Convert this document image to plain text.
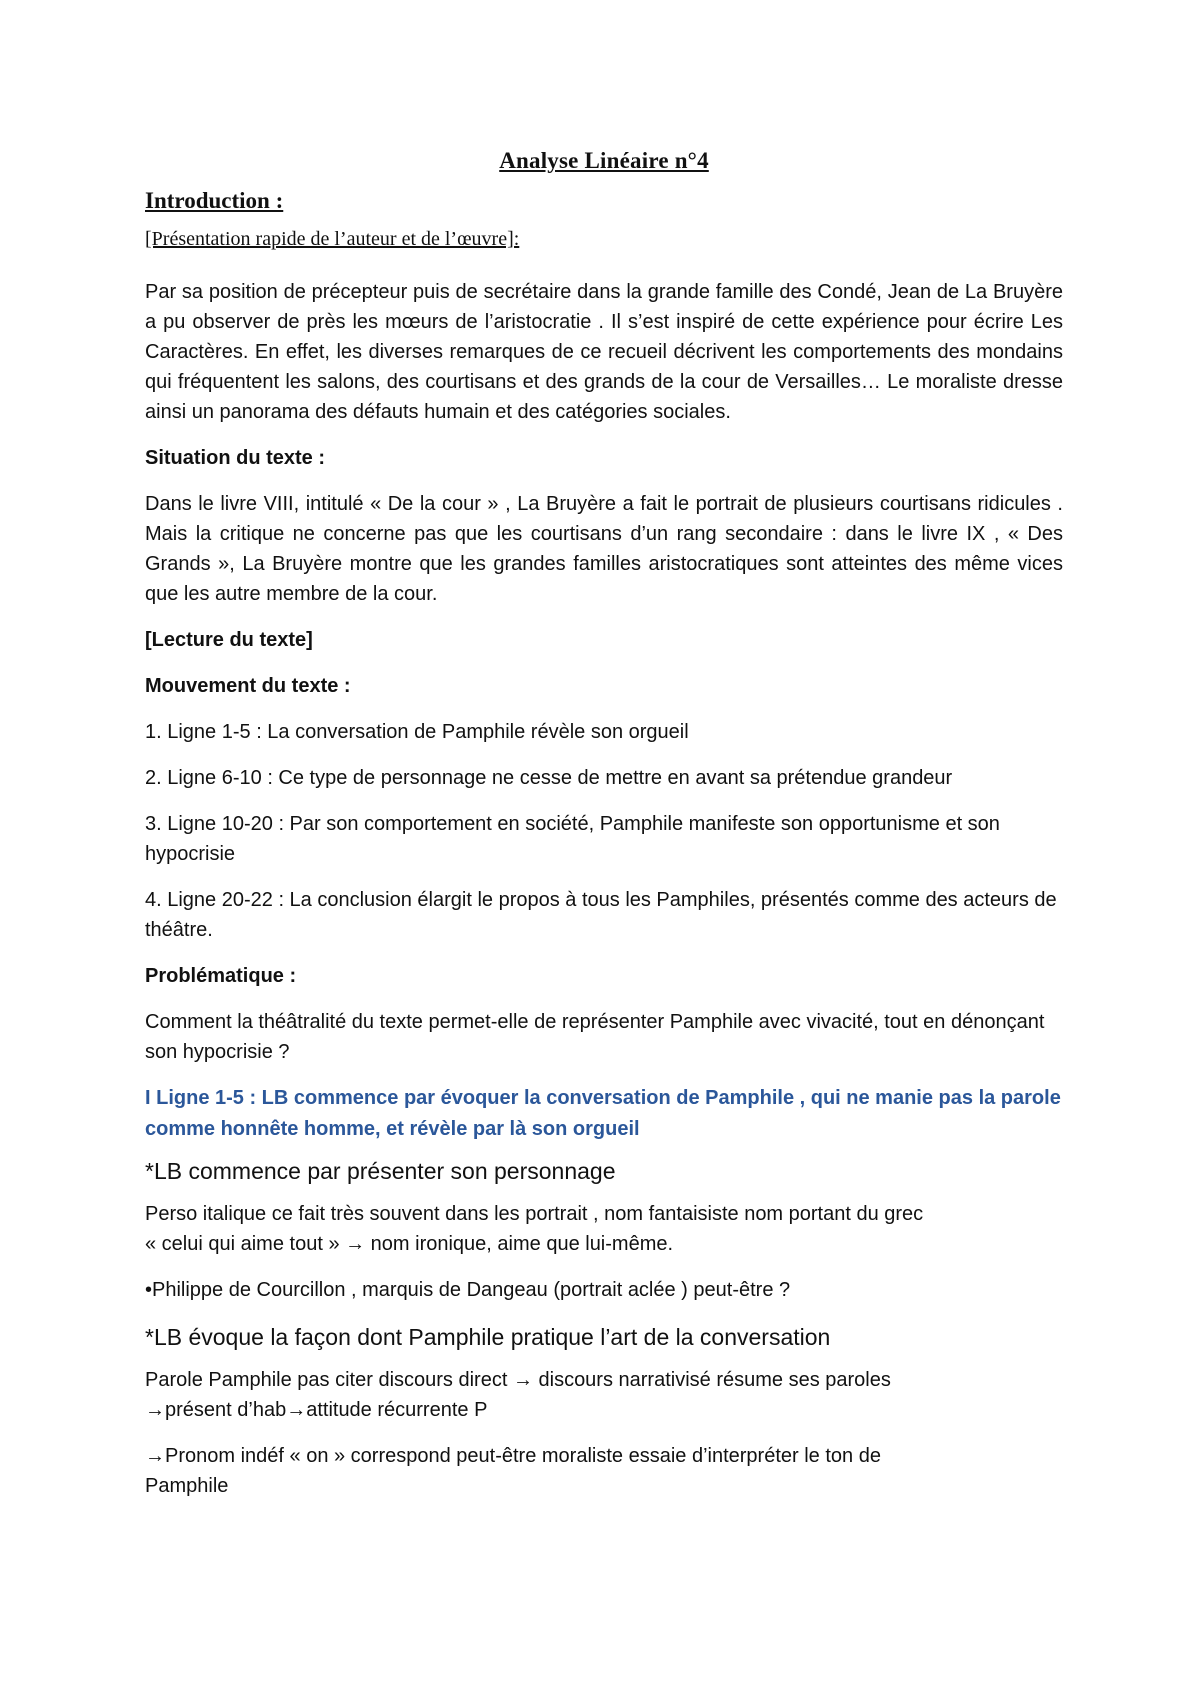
Analyse Linéaire n°4
Introduction :
[Présentation rapide de l’auteur et de l’œuvre]:

Par sa position de précepteur puis de secrétaire dans la grande famille des Condé, Jean de La Bruyère a pu observer de près les mœurs de l’aristocratie . Il s’est inspiré de cette expérience pour écrire Les Caractères. En effet, les diverses remarques de ce recueil décrivent les comportements des mondains qui fréquentent les salons, des courtisans et des grands de la cour de Versailles… Le moraliste dresse ainsi un panorama des défauts humain et des catégories sociales.

Situation du texte :

Dans le livre VIII, intitulé « De la cour » , La Bruyère a fait le portrait de plusieurs courtisans ridicules . Mais la critique ne concerne pas que les courtisans d’un rang secondaire : dans le livre IX , « Des Grands », La Bruyère montre que les grandes familles aristocratiques sont atteintes des même vices que les autre membre de la cour.

[Lecture du texte]

Mouvement du texte :

1. Ligne 1-5 : La conversation de Pamphile révèle son orgueil

2. Ligne 6-10 : Ce type de personnage ne cesse de mettre en avant sa prétendue grandeur

3. Ligne 10-20 : Par son comportement en société, Pamphile manifeste son opportunisme et son hypocrisie

4. Ligne 20-22 : La conclusion élargit le propos à tous les Pamphiles, présentés comme des acteurs de théâtre.

Problématique :

Comment la théâtralité du texte permet-elle de représenter Pamphile avec vivacité, tout en dénonçant son hypocrisie ?

I Ligne 1-5 : LB commence par évoquer la conversation de Pamphile , qui ne manie pas la parole comme honnête homme, et révèle par là son orgueil

*LB commence par présenter son personnage

Perso italique ce fait très souvent dans les portrait , nom fantaisiste nom portant du grec

« celui qui aime tout » → nom ironique, aime que lui-même.

•Philippe de Courcillon , marquis de Dangeau (portrait aclée ) peut-être ?

*LB évoque la façon dont Pamphile pratique l’art de la conversation

Parole Pamphile pas citer discours direct → discours narrativisé résume ses paroles

→présent d’hab→attitude récurrente P

→Pronom indéf « on » correspond peut-être moraliste essaie d’interpréter le ton de

Pamphile
